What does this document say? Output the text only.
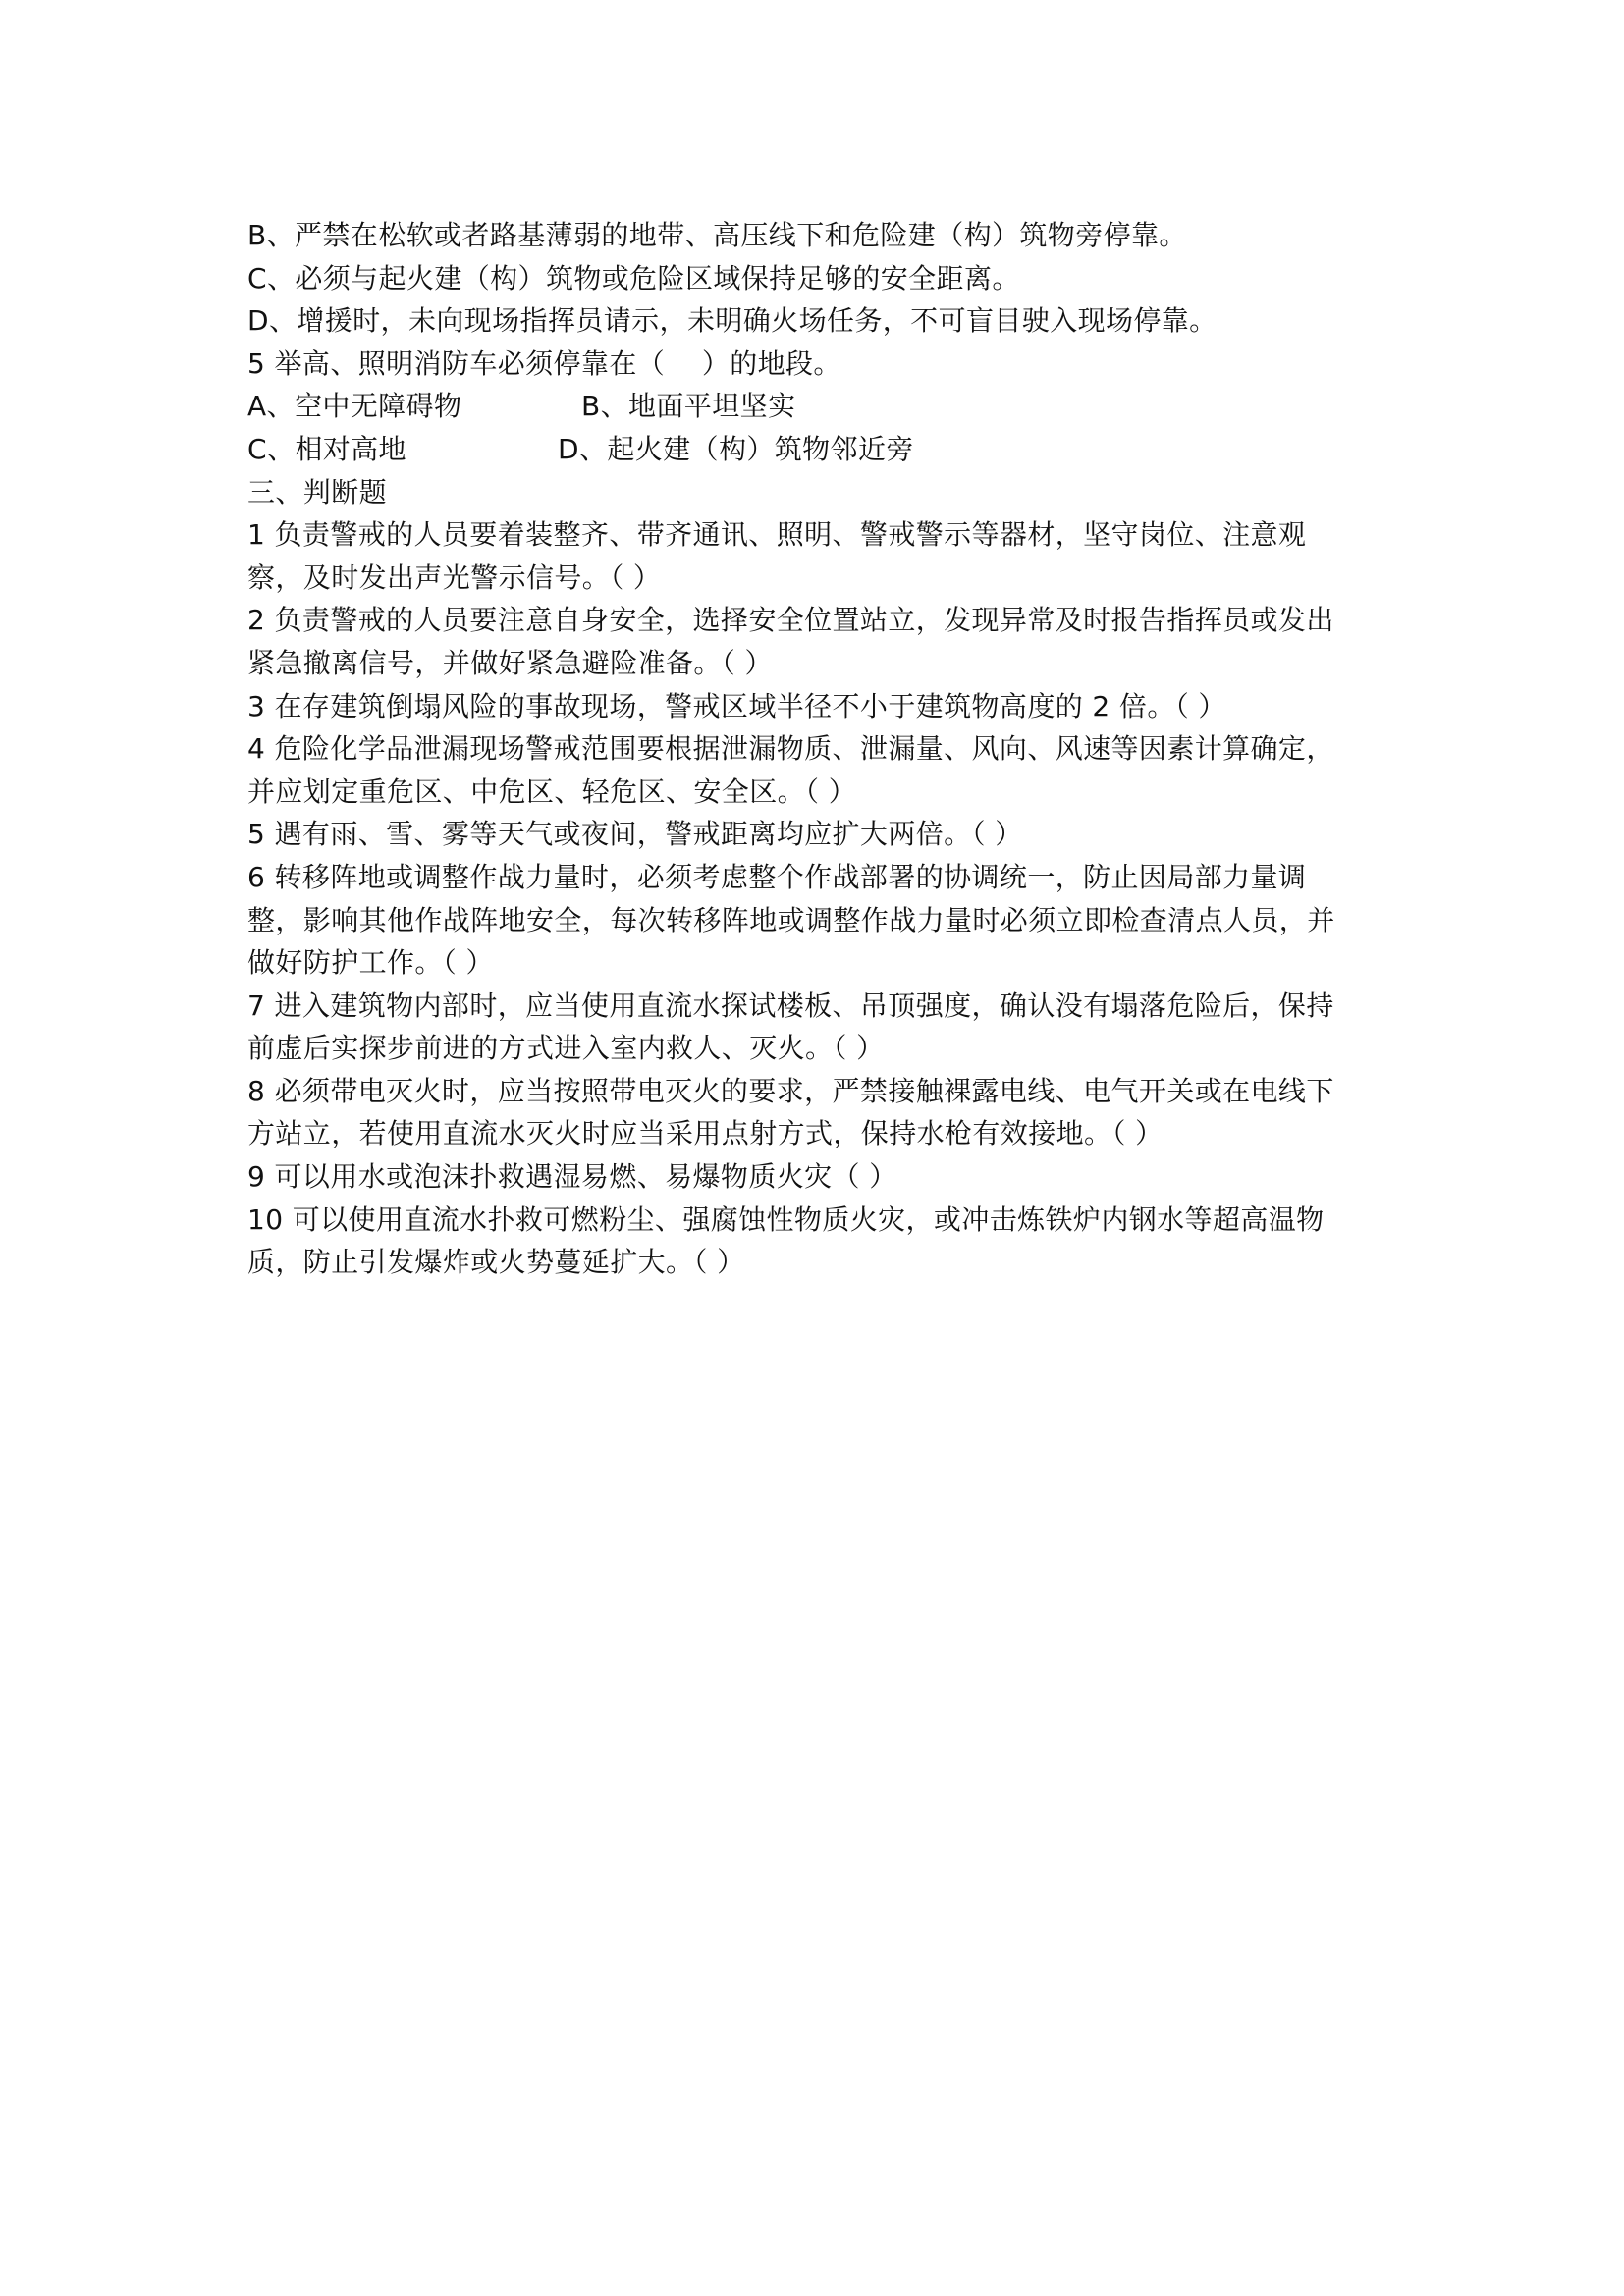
B、严禁在松软或者路基薄弱的地带、高压线下和危险建（构）筑物旁停靠。
C、必须与起火建（构）筑物或危险区域保持足够的安全距离。
D、增援时，未向现场指挥员请示，未明确火场任务，不可盲目驶入现场停靠。
5 举高、照明消防车必须停靠在（　 ）的地段。
A、空中无障碍物	B、地面平坦坚实
C、相对高地	D、起火建（构）筑物邻近旁
三、判断题
1 负责警戒的人员要着装整齐、带齐通讯、照明、警戒警示等器材，坚守岗位、注意观
察，及时发出声光警示信号。（ ）
2 负责警戒的人员要注意自身安全，选择安全位置站立，发现异常及时报告指挥员或发出
紧急撤离信号，并做好紧急避险准备。（ ）
3 在存建筑倒塌风险的事故现场，警戒区域半径不小于建筑物高度的 2 倍。（ ）
4 危险化学品泄漏现场警戒范围要根据泄漏物质、泄漏量、风向、风速等因素计算确定，
并应划定重危区、中危区、轻危区、安全区。（ ）
5 遇有雨、雪、雾等天气或夜间，警戒距离均应扩大两倍。（ ）
6 转移阵地或调整作战力量时，必须考虑整个作战部署的协调统一，防止因局部力量调
整，影响其他作战阵地安全，每次转移阵地或调整作战力量时必须立即检查清点人员，并
做好防护工作。（ ）
7 进入建筑物内部时，应当使用直流水探试楼板、吊顶强度，确认没有塌落危险后，保持
前虚后实探步前进的方式进入室内救人、灭火。（ ）
8 必须带电灭火时，应当按照带电灭火的要求，严禁接触裸露电线、电气开关或在电线下
方站立，若使用直流水灭火时应当采用点射方式，保持水枪有效接地。（ ）
9 可以用水或泡沫扑救遇湿易燃、易爆物质火灾（ ）
10 可以使用直流水扑救可燃粉尘、强腐蚀性物质火灾，或冲击炼铁炉内钢水等超高温物
质，防止引发爆炸或火势蔓延扩大。（ ）
